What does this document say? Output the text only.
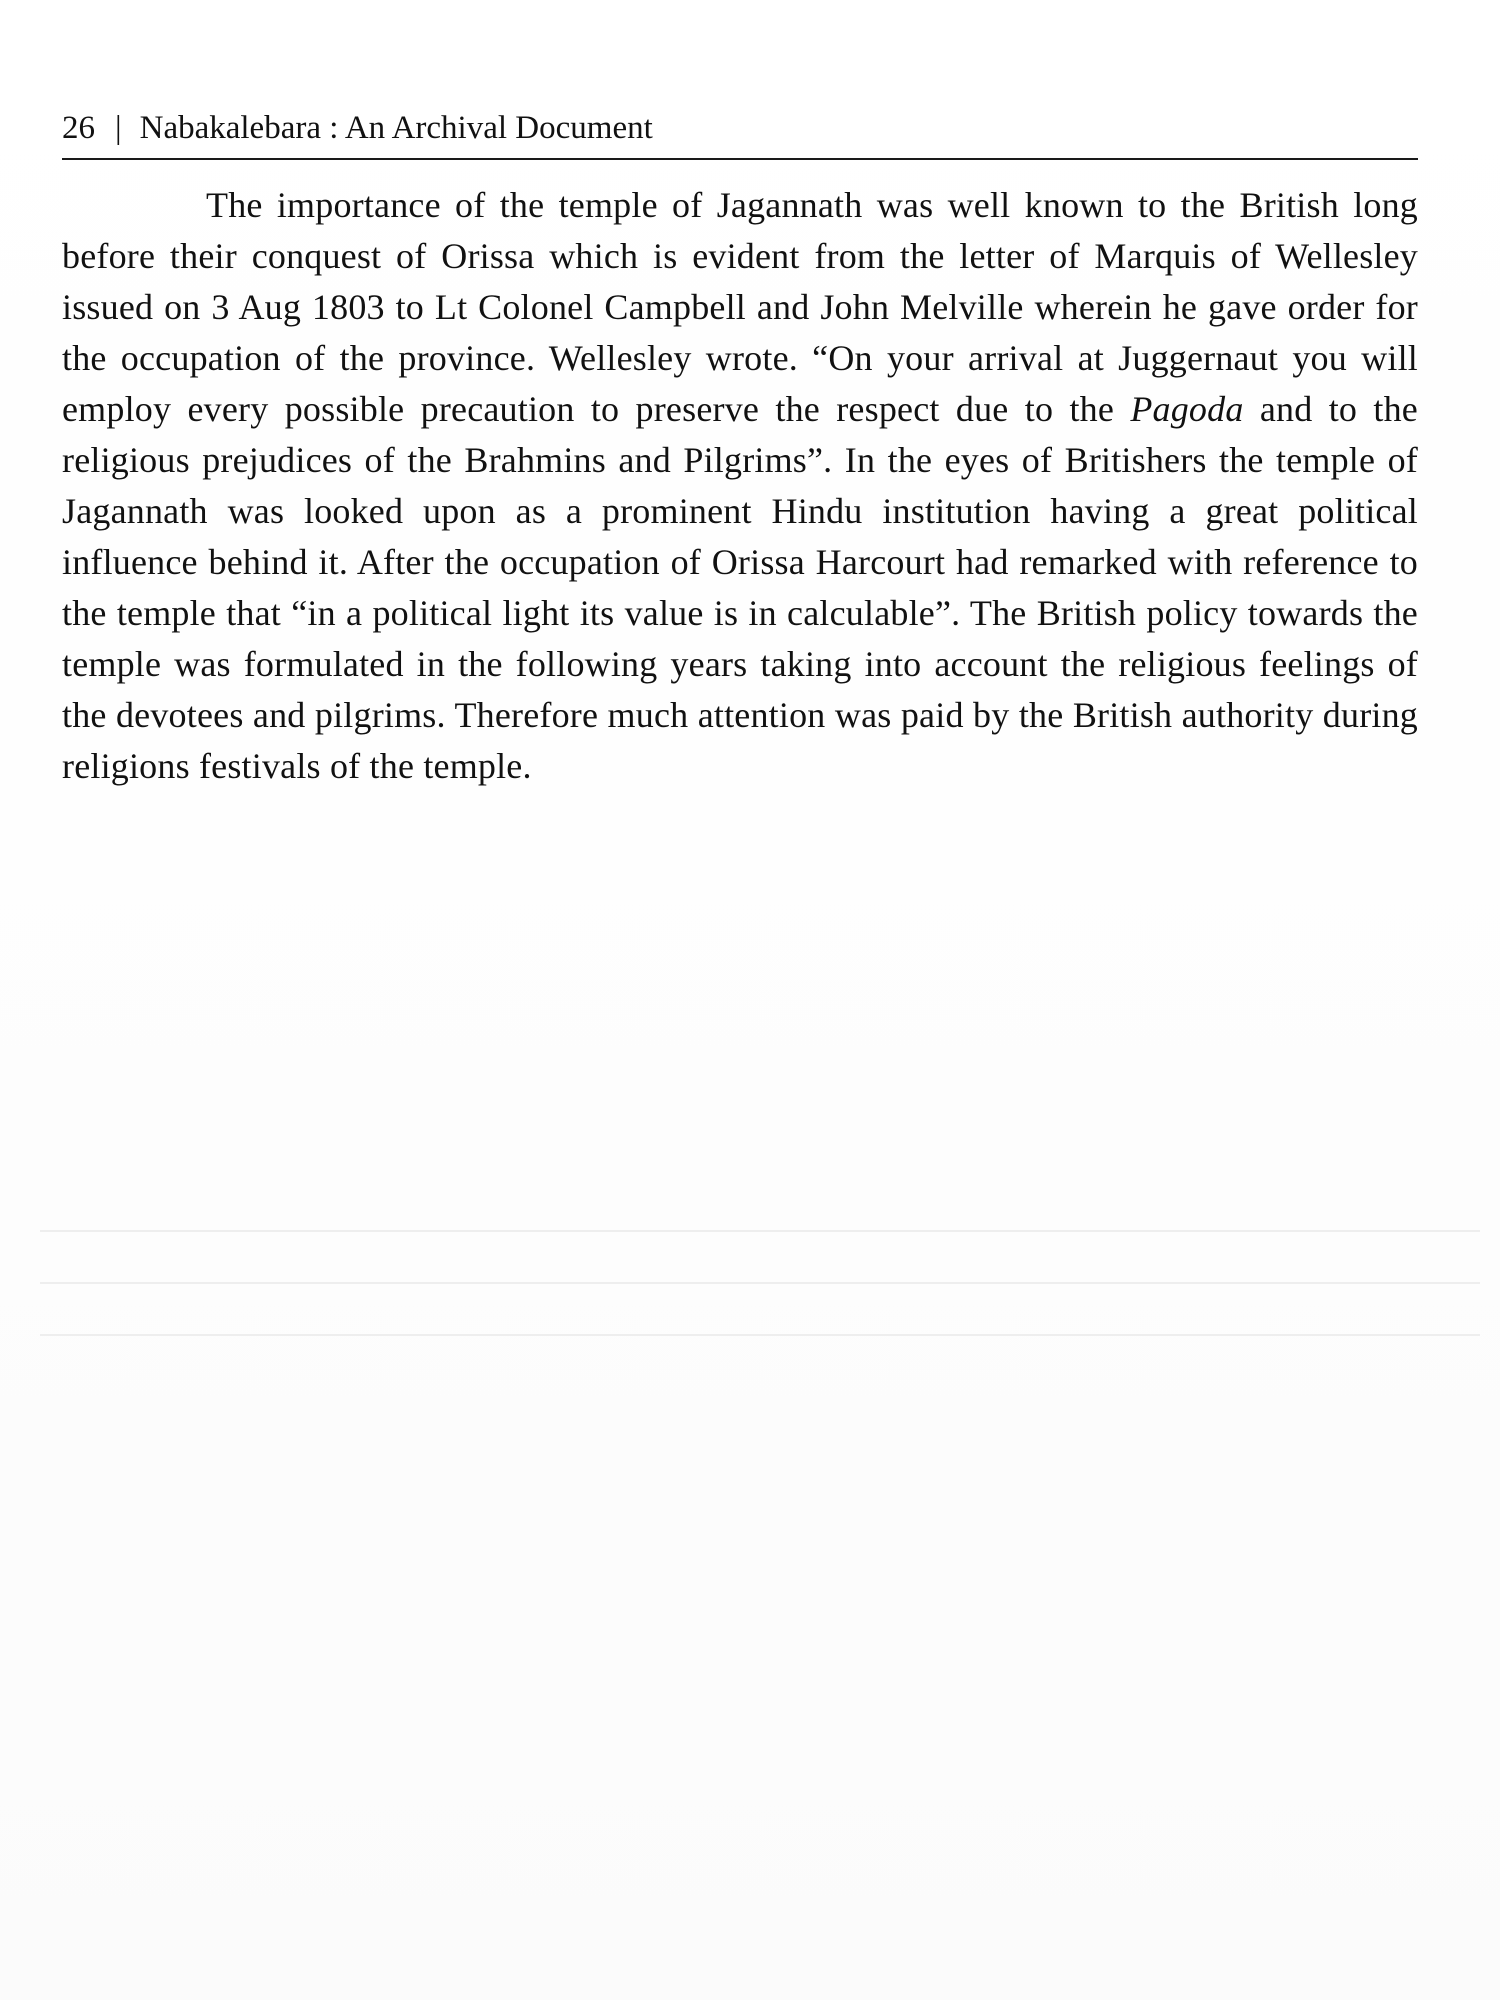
26 | Nabakalebara : An Archival Document

The importance of the temple of Jagannath was well known to the British long before their conquest of Orissa which is evident from the letter of Marquis of Wellesley issued on 3 Aug 1803 to Lt Colonel Campbell and John Melville wherein he gave order for the occupation of the province. Wellesley wrote. “On your arrival at Juggernaut you will employ every possible precaution to preserve the respect due to the Pagoda and to the religious prejudices of the Brahmins and Pilgrims”. In the eyes of Britishers the temple of Jagannath was looked upon as a prominent Hindu institution having a great political influence behind it. After the occupation of Orissa Harcourt had remarked with reference to the temple that “in a political light its value is in calculable”. The British policy towards the temple was formulated in the following years taking into account the religious feelings of the devotees and pilgrims. Therefore much attention was paid by the British authority during religions festivals of the temple.
